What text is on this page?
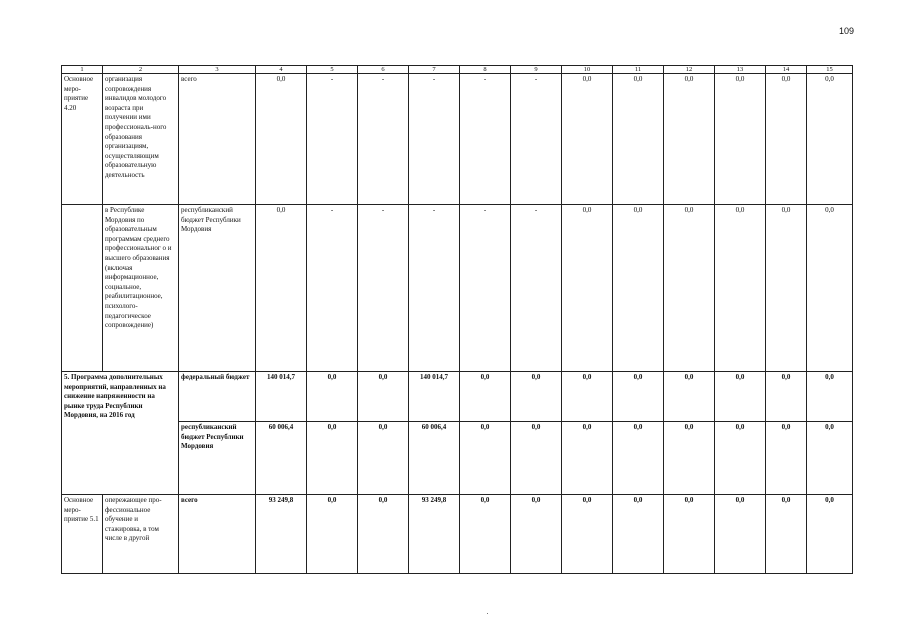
109
1	2	3	4	5	6	7	8	9	10	11	12	13	14	15
Основное меро-приятие 4.20	организация сопровождения инвалидов молодого возраста при получении ими профессиональ-ного образования организациям, осуществляющим образовательную деятельность	всего	0,0	-	-	-	-	-	0,0	0,0	0,0	0,0	0,0	0,0
	в Республике Мордовия по образовательным программам среднего профессиональног о и высшего образования (включая информационное, социальное, реабилитационное, психолого-педагогическое сопровождение)	республиканский бюджет Республики Мордовия	0,0	-	-	-	-	-	0,0	0,0	0,0	0,0	0,0	0,0
5. Программа дополнительных мероприятий, направленных на снижение напряженности на рынке труда Республики Мордовия, на 2016 год		федеральный бюджет	140 014,7	0,0	0,0	140 014,7	0,0	0,0	0,0	0,0	0,0	0,0	0,0	0,0
		республиканский бюджет Республики Мордовия	60 006,4	0,0	0,0	60 006,4	0,0	0,0	0,0	0,0	0,0	0,0	0,0	0,0
Основное меро-приятие 5.1	опережающее про-фессиональное обучение и стажировка, в том числе в другой	всего	93 249,8	0,0	0,0	93 249,8	0,0	0,0	0,0	0,0	0,0	0,0	0,0	0,0
